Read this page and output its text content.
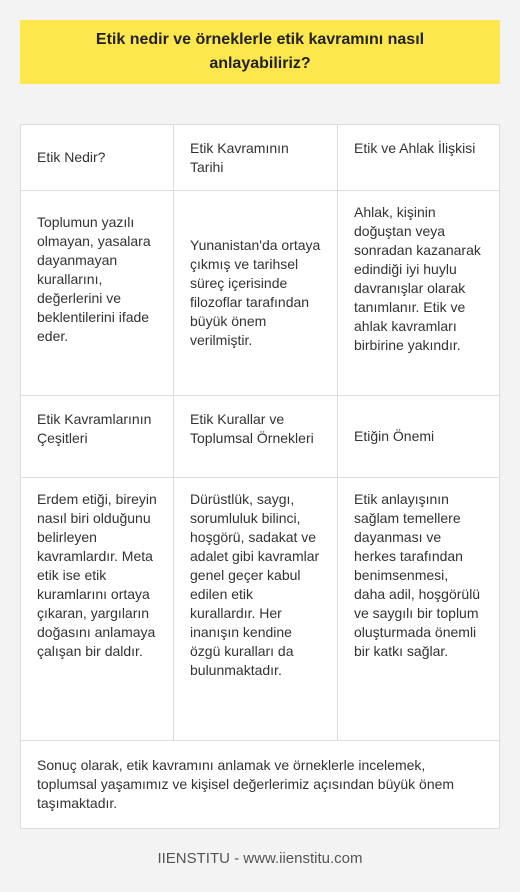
Etik nedir ve örneklerle etik kavramını nasıl anlayabiliriz?
Etik Nedir?
Etik Kavramının Tarihi
Etik ve Ahlak İlişkisi
Toplumun yazılı olmayan, yasalara dayanmayan kurallarını, değerlerini ve beklentilerini ifade eder.
Yunanistan'da ortaya çıkmış ve tarihsel süreç içerisinde filozoflar tarafından büyük önem verilmiştir.
Ahlak, kişinin doğuştan veya sonradan kazanarak edindiği iyi huylu davranışlar olarak tanımlanır. Etik ve ahlak kavramları birbirine yakındır.
Etik Kavramlarının Çeşitleri
Etik Kurallar ve Toplumsal Örnekleri	Etiğin Önemi
Erdem etiği, bireyin nasıl biri olduğunu belirleyen kavramlardır. Meta etik ise etik kuramlarını ortaya çıkaran, yargıların doğasını anlamaya çalışan bir daldır.
Dürüstlük, saygı, sorumluluk bilinci, hoşgörü, sadakat ve adalet gibi kavramlar genel geçer kabul edilen etik kurallardır. Her inanışın kendine özgü kuralları da bulunmaktadır.
Etik anlayışının sağlam temellere dayanması ve herkes tarafından benimsenmesi, daha adil, hoşgörülü ve saygılı bir toplum oluşturmada önemli bir katkı sağlar.
Sonuç olarak, etik kavramını anlamak ve örneklerle incelemek, toplumsal yaşamımız ve kişisel değerlerimiz açısından büyük önem taşımaktadır.
IIENSTITU - www.iienstitu.com
